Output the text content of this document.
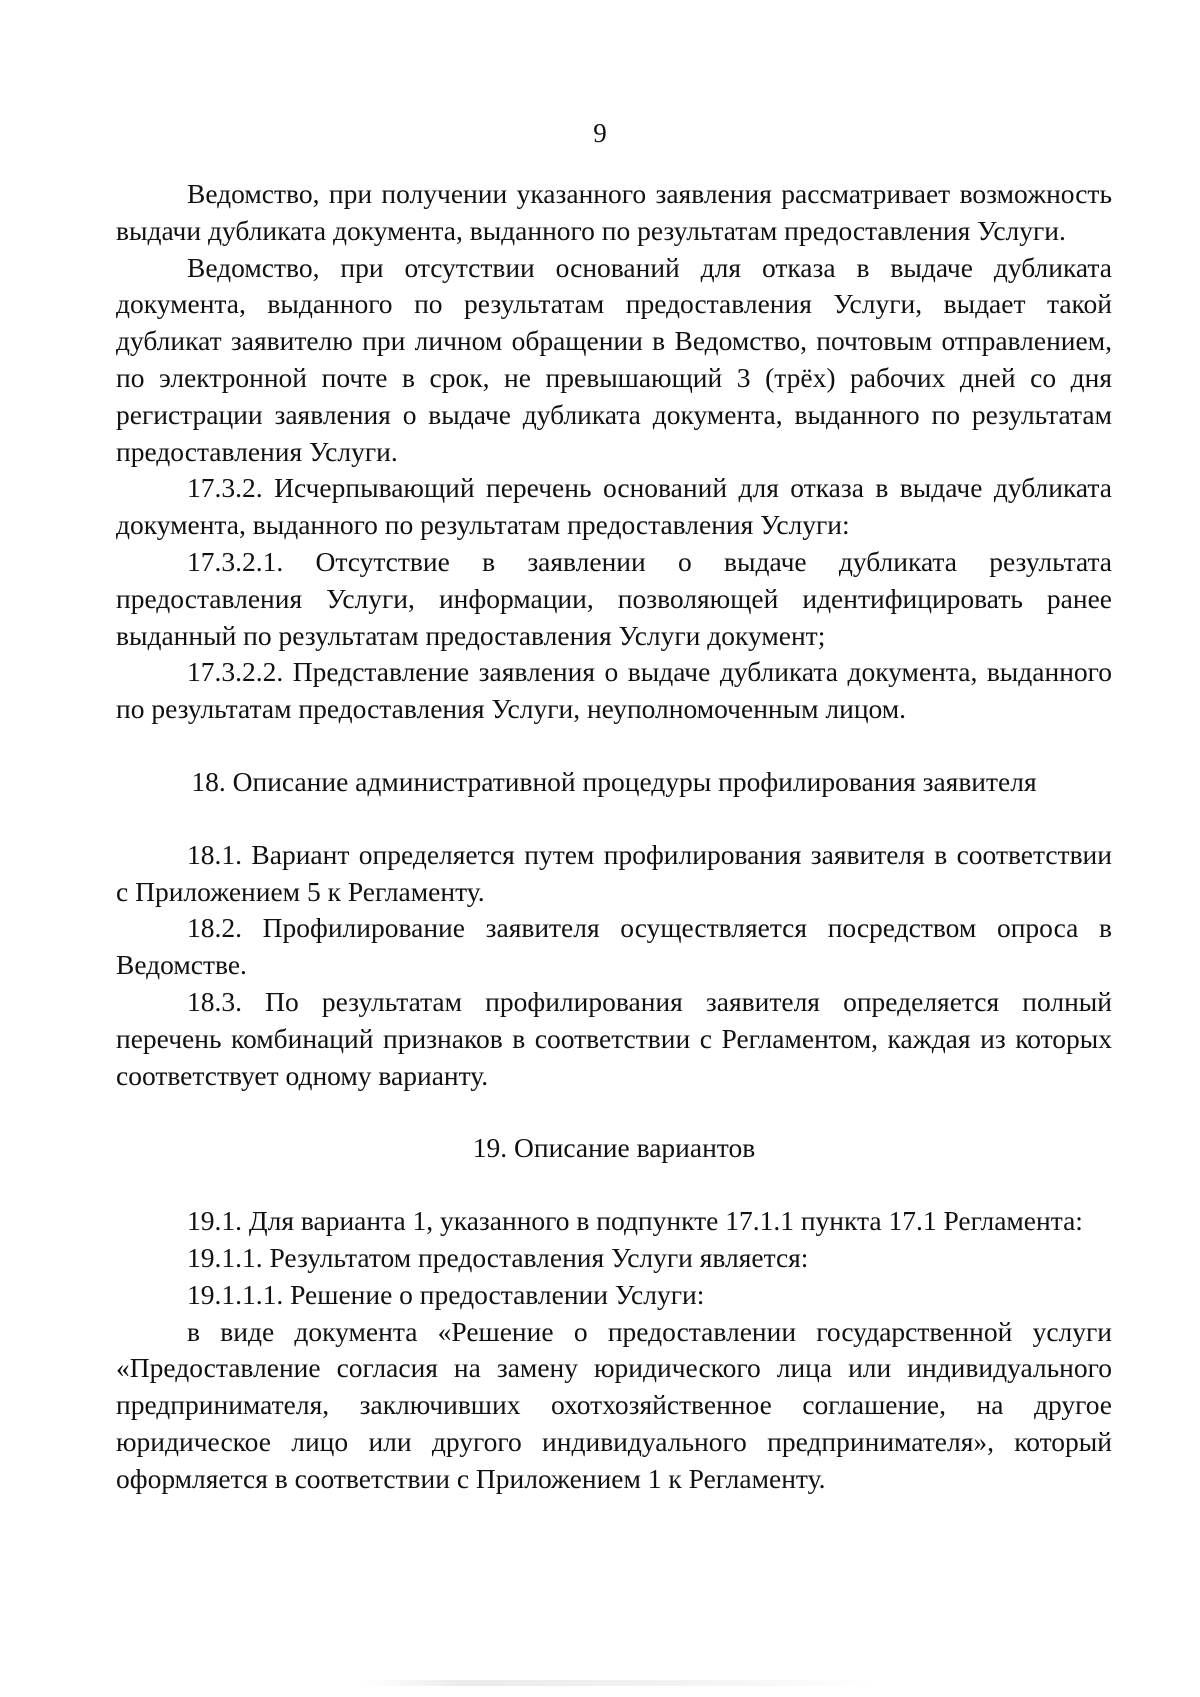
9

Ведомство, при получении указанного заявления рассматривает возможность выдачи дубликата документа, выданного по результатам предоставления Услуги.

Ведомство, при отсутствии оснований для отказа в выдаче дубликата документа, выданного по результатам предоставления Услуги, выдает такой дубликат заявителю при личном обращении в Ведомство, почтовым отправлением, по электронной почте в срок, не превышающий 3 (трёх) рабочих дней со дня регистрации заявления о выдаче дубликата документа, выданного по результатам предоставления Услуги.

17.3.2. Исчерпывающий перечень оснований для отказа в выдаче дубликата документа, выданного по результатам предоставления Услуги:

17.3.2.1. Отсутствие в заявлении о выдаче дубликата результата предоставления Услуги, информации, позволяющей идентифицировать ранее выданный по результатам предоставления Услуги документ;

17.3.2.2. Представление заявления о выдаче дубликата документа, выданного по результатам предоставления Услуги, неуполномоченным лицом.

18. Описание административной процедуры профилирования заявителя

18.1. Вариант определяется путем профилирования заявителя в соответствии с Приложением 5 к Регламенту.

18.2. Профилирование заявителя осуществляется посредством опроса в Ведомстве.

18.3. По результатам профилирования заявителя определяется полный перечень комбинаций признаков в соответствии с Регламентом, каждая из которых соответствует одному варианту.

19. Описание вариантов

19.1. Для варианта 1, указанного в подпункте 17.1.1 пункта 17.1 Регламента:

19.1.1. Результатом предоставления Услуги является:

19.1.1.1. Решение о предоставлении Услуги:

в виде документа «Решение о предоставлении государственной услуги «Предоставление согласия на замену юридического лица или индивидуального предпринимателя, заключивших охотхозяйственное соглашение, на другое юридическое лицо или другого индивидуального предпринимателя», который оформляется в соответствии с Приложением 1 к Регламенту.
